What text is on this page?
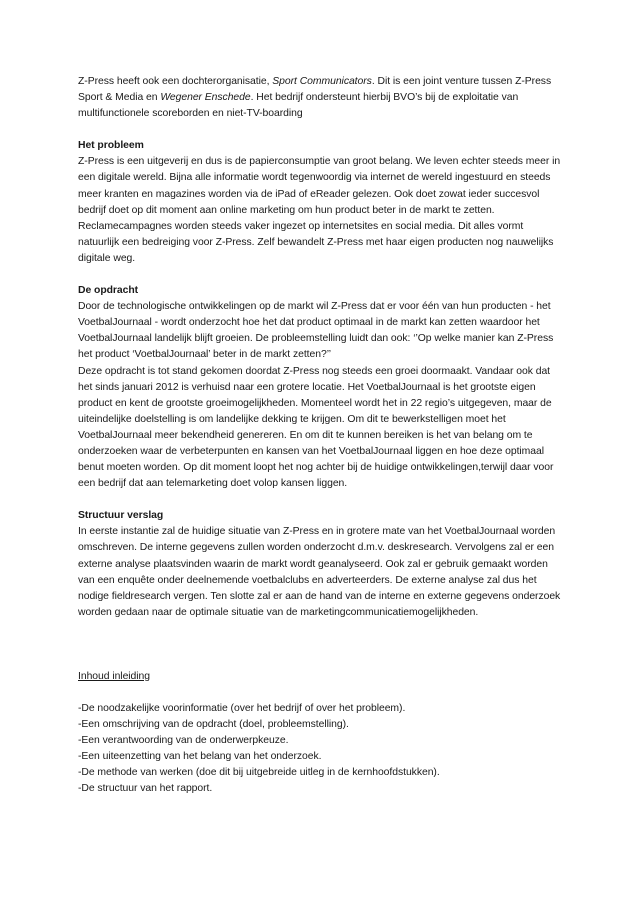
Z-Press heeft ook een dochterorganisatie, Sport Communicators. Dit is een joint venture tussen Z-Press Sport & Media en Wegener Enschede. Het bedrijf ondersteunt hierbij BVO’s bij de exploitatie van multifunctionele scoreborden en niet-TV-boarding

Het probleem

Z-Press is een uitgeverij en dus is de papierconsumptie van groot belang. We leven echter steeds meer in een digitale wereld. Bijna alle informatie wordt tegenwoordig via internet de wereld ingestuurd en steeds meer kranten en magazines worden via de iPad of eReader gelezen. Ook doet zowat ieder succesvol bedrijf doet op dit moment aan online marketing om hun product beter in de markt te zetten. Reclamecampagnes worden steeds vaker ingezet op internetsites en social media. Dit alles vormt natuurlijk een bedreiging voor Z-Press. Zelf bewandelt Z-Press met haar eigen producten nog nauwelijks digitale weg.

De opdracht

Door de technologische ontwikkelingen op de markt wil Z-Press dat er voor één van hun producten - het VoetbalJournaal - wordt onderzocht hoe het dat product optimaal in de markt kan zetten waardoor het VoetbalJournaal landelijk blijft groeien. De probleemstelling luidt dan ook: ‘’Op welke manier kan Z-Press het product ‘VoetbalJournaal’ beter in de markt zetten?’’

Deze opdracht is tot stand gekomen doordat Z-Press nog steeds een groei doormaakt. Vandaar ook dat het sinds januari 2012 is verhuisd naar een grotere locatie. Het VoetbalJournaal is het grootste eigen product en kent de grootste groeimogelijkheden. Momenteel wordt het in 22 regio’s uitgegeven, maar de uiteindelijke doelstelling is om landelijke dekking te krijgen. Om dit te bewerkstelligen moet het VoetbalJournaal meer bekendheid genereren. En om dit te kunnen bereiken is het van belang om te onderzoeken waar de verbeterpunten en kansen van het VoetbalJournaal liggen en hoe deze optimaal benut moeten worden. Op dit moment loopt het nog achter bij de huidige ontwikkelingen,terwijl daar voor een bedrijf dat aan telemarketing doet volop kansen liggen.

Structuur verslag

In eerste instantie zal de huidige situatie van Z-Press en in grotere mate van het VoetbalJournaal worden omschreven. De interne gegevens zullen worden onderzocht d.m.v. deskresearch. Vervolgens zal er een externe analyse plaatsvinden waarin de markt wordt geanalyseerd. Ook zal er gebruik gemaakt worden van een enquête onder deelnemende voetbalclubs en adverteerders. De externe analyse zal dus het nodige fieldresearch vergen. Ten slotte zal er aan de hand van de interne en externe gegevens onderzoek worden gedaan naar de optimale situatie van de marketingcommunicatiemogelijkheden.

Inhoud inleiding

-De noodzakelijke voorinformatie (over het bedrijf of over het probleem).

-Een omschrijving van de opdracht (doel, probleemstelling).

-Een verantwoording van de onderwerpkeuze.

-Een uiteenzetting van het belang van het onderzoek.

-De methode van werken (doe dit bij uitgebreide uitleg in de kernhoofdstukken).

-De structuur van het rapport.
